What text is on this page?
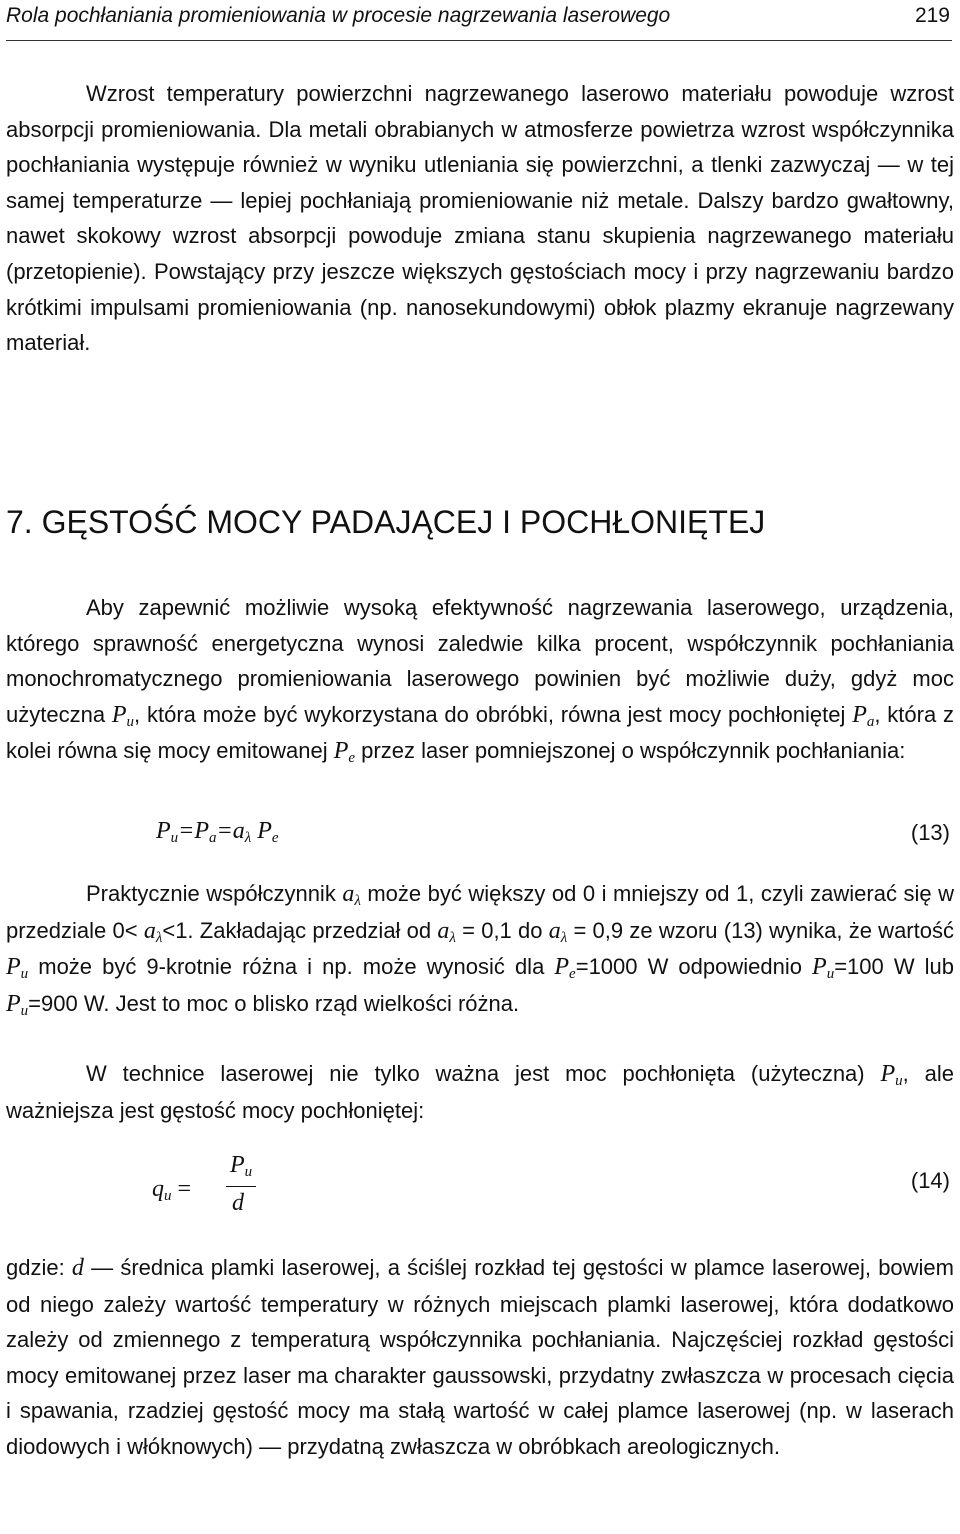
Rola pochłaniania promieniowania w procesie nagrzewania laserowego	219

Wzrost temperatury powierzchni nagrzewanego laserowo materiału powoduje wzrost absorpcji promieniowania. Dla metali obrabianych w atmosferze powietrza wzrost współczynnika pochłaniania występuje również w wyniku utleniania się powierzchni, a tlenki zazwyczaj — w tej samej temperaturze — lepiej pochłaniają promieniowanie niż metale. Dalszy bardzo gwałtowny, nawet skokowy wzrost absorpcji powoduje zmiana stanu skupienia nagrzewanego materiału (przetopienie). Powstający przy jeszcze większych gęstościach mocy i przy nagrzewaniu bardzo krótkimi impulsami promieniowania (np. nanosekundowymi) obłok plazmy ekranuje nagrzewany materiał.

7. GĘSTOŚĆ MOCY PADAJĄCEJ I POCHŁONIĘTEJ

Aby zapewnić możliwie wysoką efektywność nagrzewania laserowego, urządzenia, którego sprawność energetyczna wynosi zaledwie kilka procent, współczynnik pochłaniania monochromatycznego promieniowania laserowego powinien być możliwie duży, gdyż moc użyteczna $P_u$, która może być wykorzystana do obróbki, równa jest mocy pochłoniętej $P_a$, która z kolei równa się mocy emitowanej $P_e$ przez laser pomniejszonej o współczynnik pochłaniania:

$P_u=P_a=a_\lambda$ $P_e$	(13)

Praktycznie współczynnik $a_\lambda$ może być większy od 0 i mniejszy od 1, czyli zawierać się w przedziale $0< a_\lambda<1$. Zakładając przedział od $a_\lambda = 0,1$ do $a_\lambda = 0,9$ ze wzoru (13) wynika, że wartość $P_u$ może być 9-krotnie różna i np. może wynosić dla $P_e=1000$ W odpowiednio $P_u=100$ W lub $P_u=900$ W. Jest to moc o blisko rząd wielkości różna.

W technice laserowej nie tylko ważna jest moc pochłonięta (użyteczna) $P_u$, ale ważniejsza jest gęstość mocy pochłoniętej:

$q_u$ =
$P_u$
d
(14)

gdzie: d — średnica plamki laserowej, a ściślej rozkład tej gęstości w plamce laserowej, bowiem od niego zależy wartość temperatury w różnych miejscach plamki laserowej, która dodatkowo zależy od zmiennego z temperaturą współczynnika pochłaniania. Najczęściej rozkład gęstości mocy emitowanej przez laser ma charakter gaussowski, przydatny zwłaszcza w procesach cięcia i spawania, rzadziej gęstość mocy ma stałą wartość w całej plamce laserowej (np. w laserach diodowych i włóknowych) — przydatną zwłaszcza w obróbkach areologicznych.
